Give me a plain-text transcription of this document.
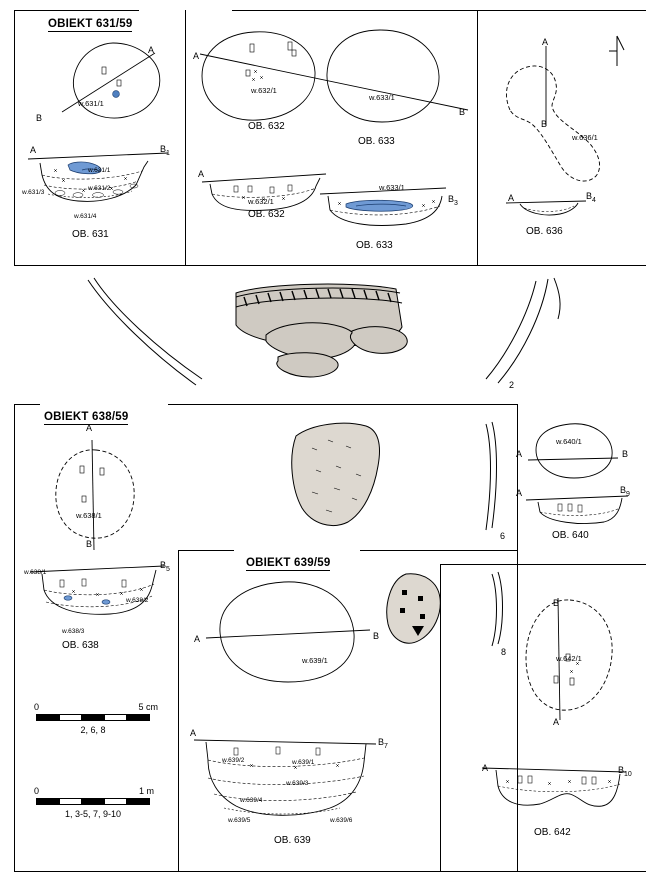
OBIEKT 631/59
A
B
w.631/1
A	$B_1$
w.631/1
w.631/2
w.631/3
w.631/4
OB. 631
A
B
w.632/1
w.633/1
OB. 632
OB. 633
A
w.632/1
OB. 632
w.633/1
$B_3$
OB. 633
A
B
w.636/1
A	$B_4$
OB. 636
2
OBIEKT 638/59
OBIEKT 639/59
A
B
w.638/1
$B_5$
w.638/1
w.638/2
w.638/3
OB. 638
6
A	B
w.640/1
A	$B_9$
OB. 640
A	B
w.639/1
8
A
$B_7$
w.639/2	w.639/1
w.639/3
w.639/4
w.639/5	w.639/6
OB. 639
B
A
w.642/1
A	$B_{10}$
OB. 642
0	5 cm
2, 6, 8
0	1 m
1, 3-5, 7, 9-10
